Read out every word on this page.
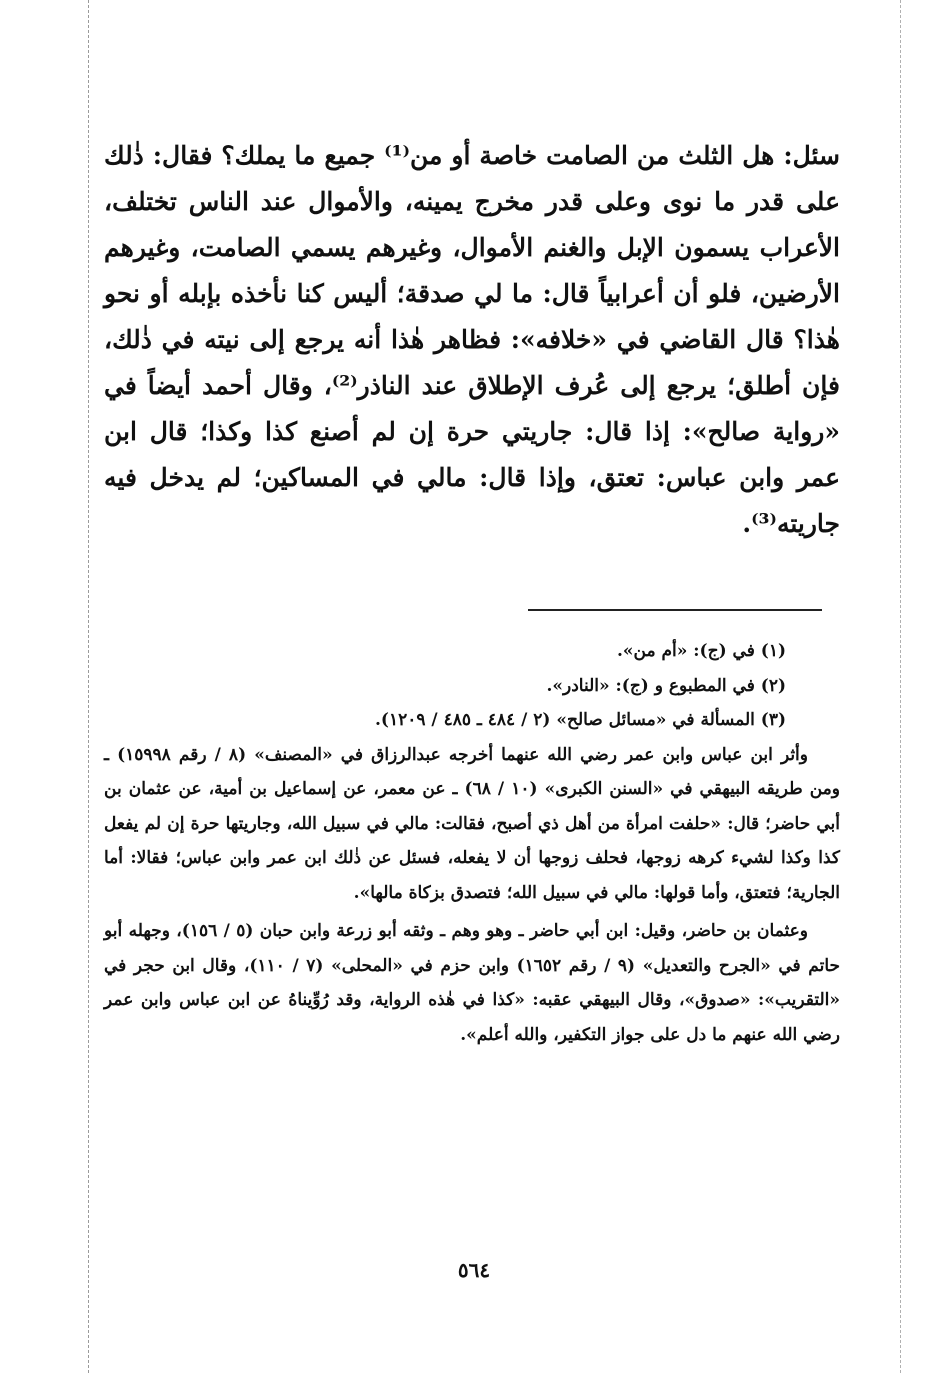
سئل: هل الثلث من الصامت خاصة أو من⁽¹⁾ جميع ما يملك؟ فقال: ذٰلك على قدر ما نوى وعلى قدر مخرج يمينه، والأموال عند الناس تختلف، الأعراب يسمون الإبل والغنم الأموال، وغيرهم يسمي الصامت، وغيرهم الأرضين، فلو أن أعرابياً قال: ما لي صدقة؛ أليس كنا نأخذه بإبله أو نحو هٰذا؟ قال القاضي في «خلافه»: فظاهر هٰذا أنه يرجع إلى نيته في ذٰلك، فإن أطلق؛ يرجع إلى عُرف الإطلاق عند الناذر⁽²⁾، وقال أحمد أيضاً في «رواية صالح»: إذا قال: جاريتي حرة إن لم أصنع كذا وكذا؛ قال ابن عمر وابن عباس: تعتق، وإذا قال: مالي في المساكين؛ لم يدخل فيه جاريته⁽³⁾.

(١) في (ج): «أم من».

(٢) في المطبوع و (ج): «النادر».

(٣) المسألة في «مسائل صالح» (٢ / ٤٨٤ ـ ٤٨٥ / ١٢٠٩).

وأثر ابن عباس وابن عمر رضي الله عنهما أخرجه عبدالرزاق في «المصنف» (٨ / رقم ١٥٩٩٨) ـ ومن طريقه البيهقي في «السنن الكبرى» (١٠ / ٦٨) ـ عن معمر، عن إسماعيل بن أمية، عن عثمان بن أبي حاضر؛ قال: «حلفت امرأة من أهل ذي أصبح، فقالت: مالي في سبيل الله، وجاريتها حرة إن لم يفعل كذا وكذا لشيء كرهه زوجها، فحلف زوجها أن لا يفعله، فسئل عن ذٰلك ابن عمر وابن عباس؛ فقالا: أما الجارية؛ فتعتق، وأما قولها: مالي في سبيل الله؛ فتصدق بزكاة مالها».

وعثمان بن حاضر، وقيل: ابن أبي حاضر ـ وهو وهم ـ وثقه أبو زرعة وابن حبان (٥ / ١٥٦)، وجهله أبو حاتم في «الجرح والتعديل» (٩ / رقم ١٦٥٢) وابن حزم في «المحلى» (٧ / ١١٠)، وقال ابن حجر في «التقريب»: «صدوق»، وقال البيهقي عقبه: «كذا في هٰذه الرواية، وقد رُوِّيناهُ عن ابن عباس وابن عمر رضي الله عنهم ما دل على جواز التكفير، والله أعلم».

٥٦٤
